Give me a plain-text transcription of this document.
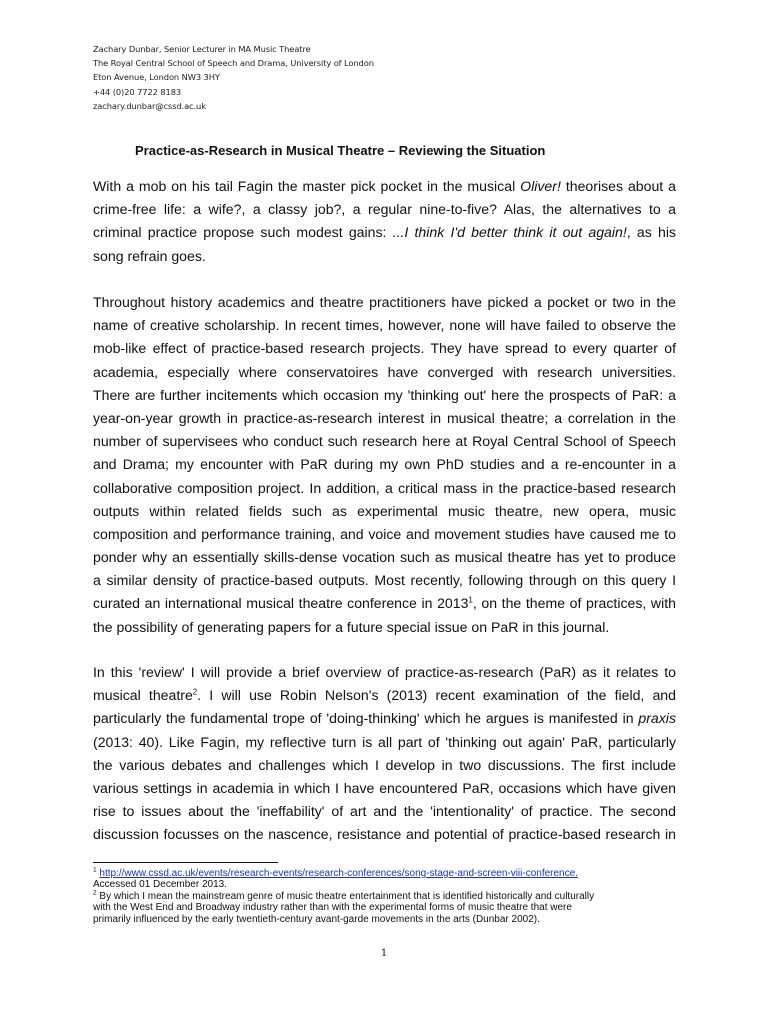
Zachary Dunbar, Senior Lecturer in MA Music Theatre
The Royal Central School of Speech and Drama, University of London
Eton Avenue, London NW3 3HY
+44 (0)20 7722 8183
zachary.dunbar@cssd.ac.uk
Practice-as-Research in Musical Theatre – Reviewing the Situation
With a mob on his tail Fagin the master pick pocket in the musical Oliver! theorises about a
crime-free life: a wife?, a classy job?, a regular nine-to-five? Alas, the alternatives to a
criminal practice propose such modest gains: ...I think I'd better think it out again!, as his
song refrain goes.
Throughout history academics and theatre practitioners have picked a pocket or two in the
name of creative scholarship. In recent times, however, none will have failed to observe the
mob-like effect of practice-based research projects. They have spread to every quarter of
academia, especially where conservatoires have converged with research universities.
There are further incitements which occasion my 'thinking out' here the prospects of PaR: a
year-on-year growth in practice-as-research interest in musical theatre; a correlation in the
number of supervisees who conduct such research here at Royal Central School of Speech
and Drama; my encounter with PaR during my own PhD studies and a re-encounter in a
collaborative composition project. In addition, a critical mass in the practice-based research
outputs within related fields such as experimental music theatre, new opera, music
composition and performance training, and voice and movement studies have caused me to
ponder why an essentially skills-dense vocation such as musical theatre has yet to produce
a similar density of practice-based outputs. Most recently, following through on this query I
curated an international musical theatre conference in 2013$^1$, on the theme of practices, with
the possibility of generating papers for a future special issue on PaR in this journal.
In this 'review' I will provide a brief overview of practice-as-research (PaR) as it relates to
musical theatre$^2$. I will use Robin Nelson's (2013) recent examination of the field, and
particularly the fundamental trope of 'doing-thinking' which he argues is manifested in praxis
(2013: 40). Like Fagin, my reflective turn is all part of 'thinking out again' PaR, particularly
the various debates and challenges which I develop in two discussions. The first include
various settings in academia in which I have encountered PaR, occasions which have given
rise to issues about the 'ineffability' of art and the 'intentionality' of practice. The second
discussion focusses on the nascence, resistance and potential of practice-based research in
$^1$ http://www.cssd.ac.uk/events/research-events/research-conferences/song-stage-and-screen-viii-conference.
Accessed 01 December 2013.
$^2$ By which I mean the mainstream genre of music theatre entertainment that is identified historically and culturally
with the West End and Broadway industry rather than with the experimental forms of music theatre that were
primarily influenced by the early twentieth-century avant-garde movements in the arts (Dunbar 2002).
1
